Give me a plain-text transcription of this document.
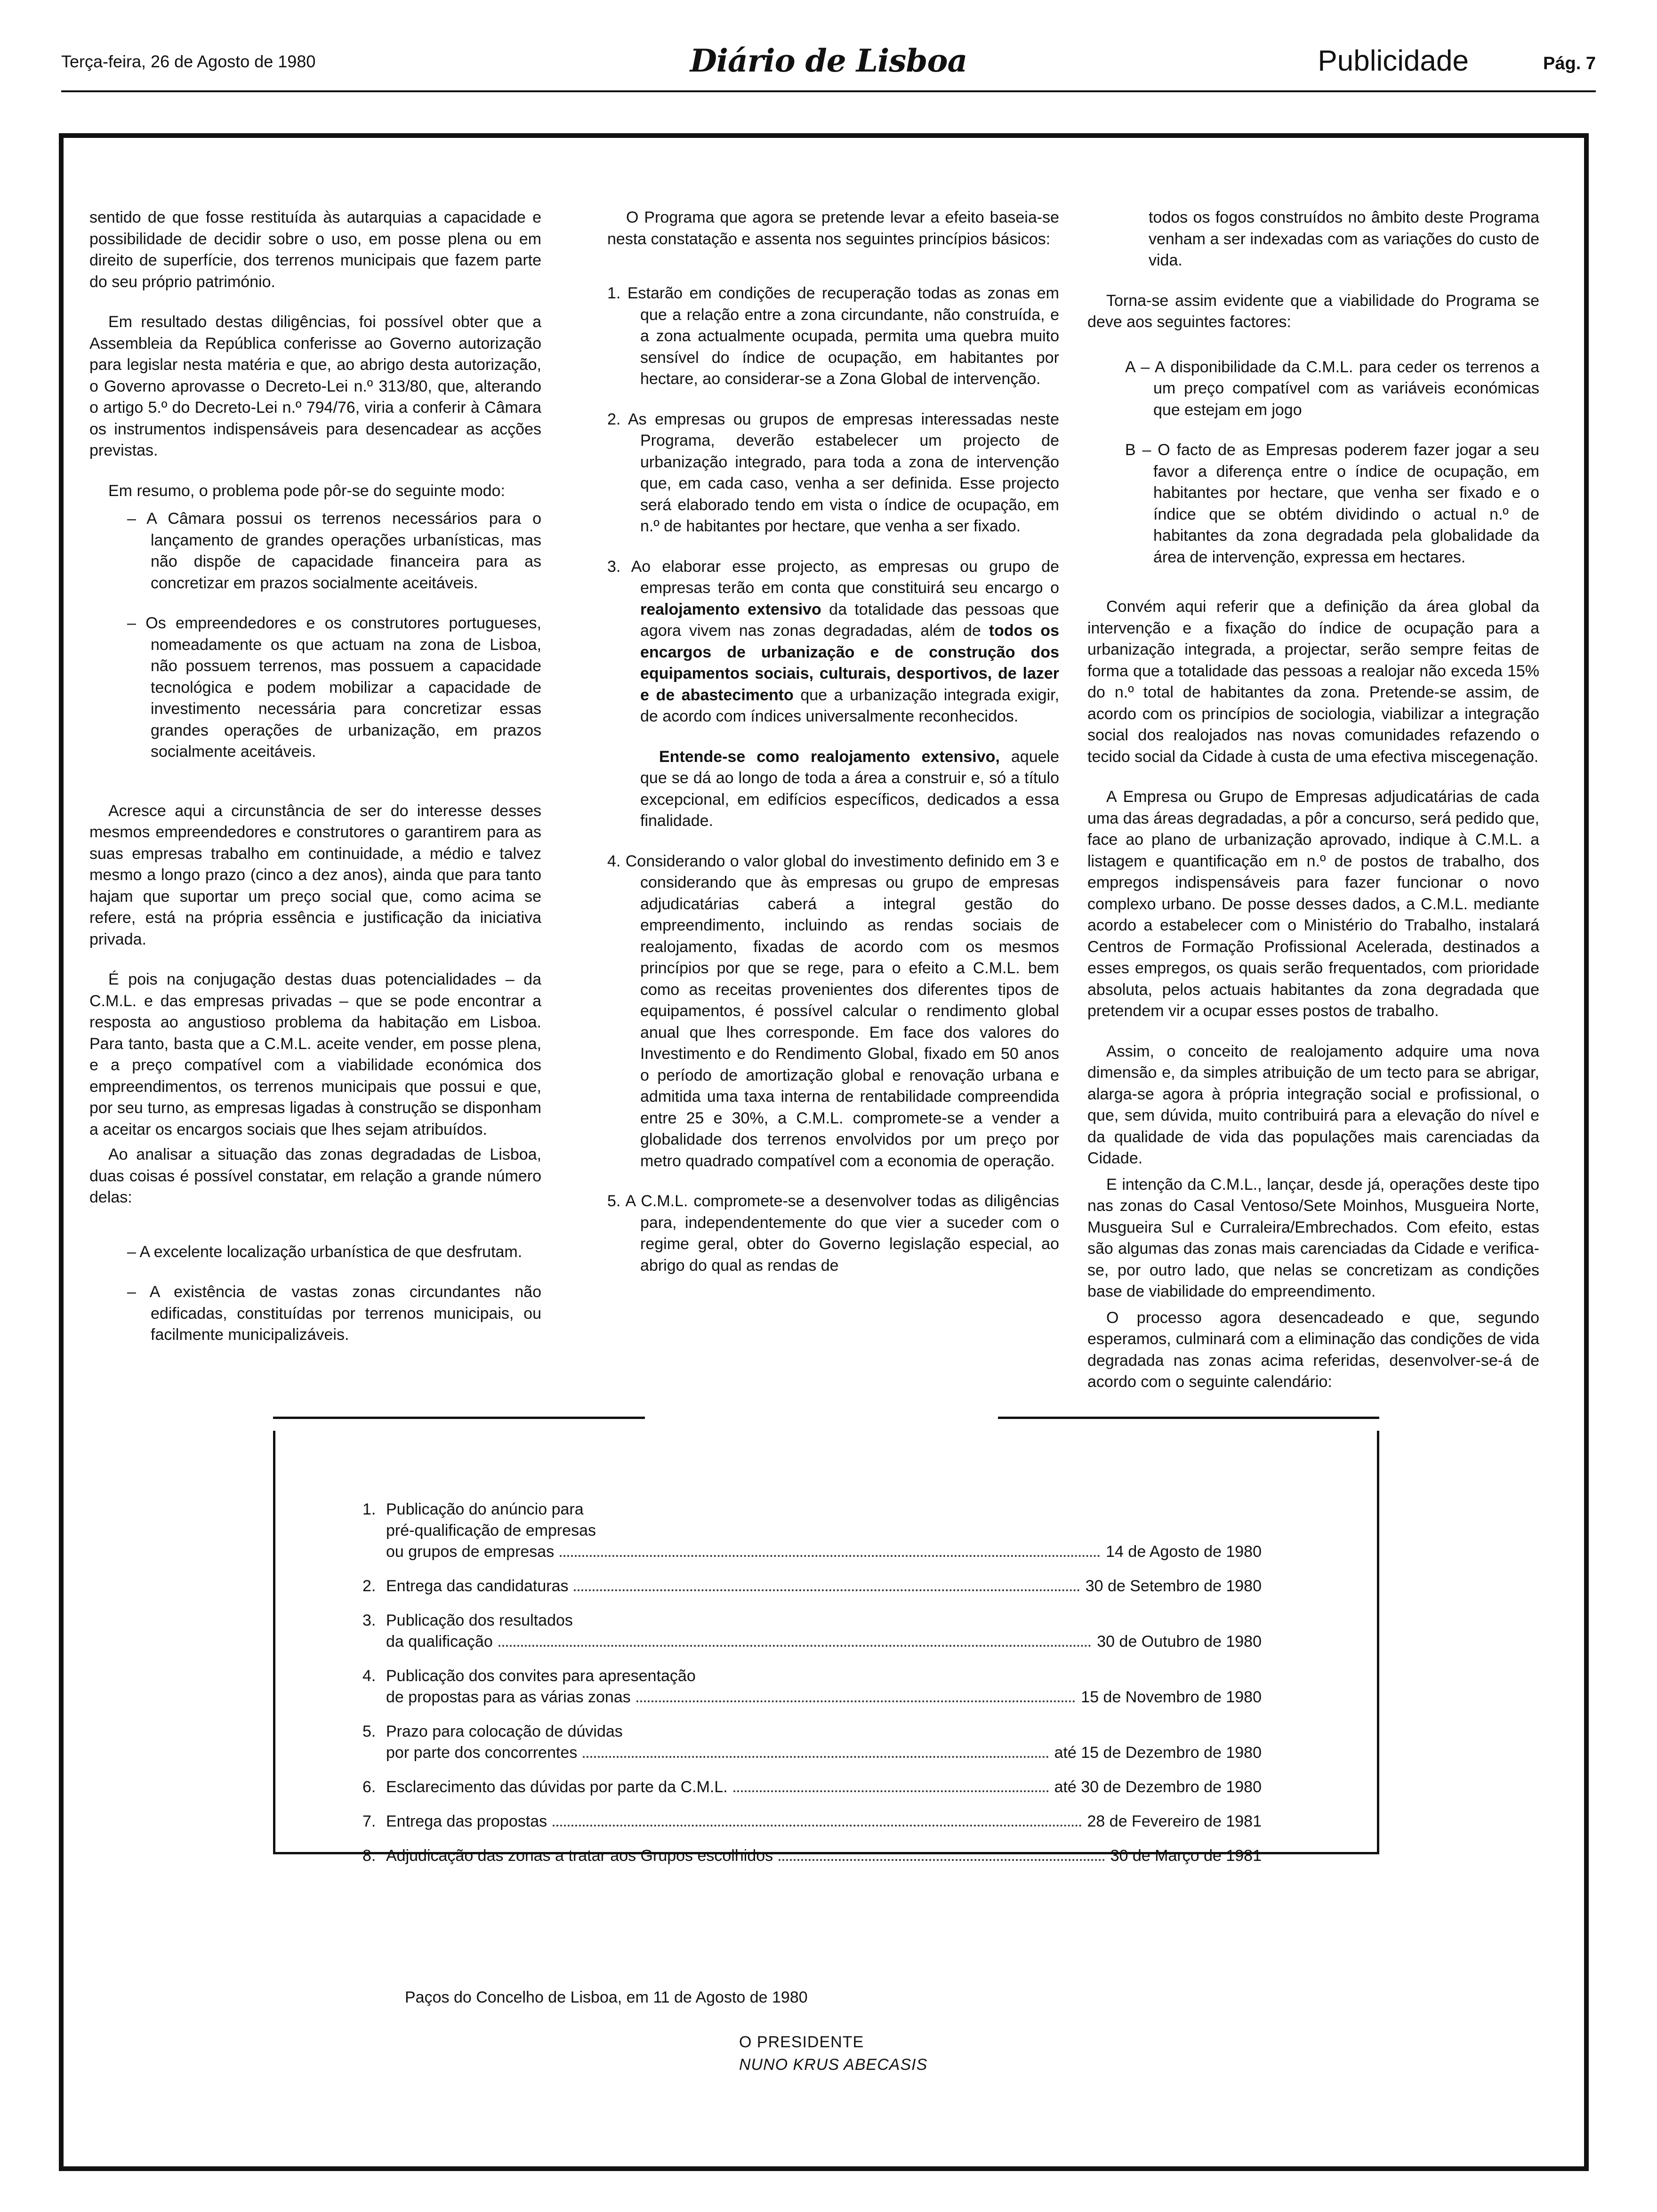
Terça-feira, 26 de Agosto de 1980	Diário de Lisboa	Publicidade	Pág. 7

sentido de que fosse restituída às autarquias a capacidade e possibilidade de decidir sobre o uso, em posse plena ou em direito de superfície, dos terrenos municipais que fazem parte do seu próprio património.

Em resultado destas diligências, foi possível obter que a Assembleia da República conferisse ao Governo autorização para legislar nesta matéria e que, ao abrigo desta autorização, o Governo aprovasse o Decreto-Lei n.º 313/80, que, alterando o artigo 5.º do Decreto-Lei n.º 794/76, viria a conferir à Câmara os instrumentos indispensáveis para desencadear as acções previstas.

Em resumo, o problema pode pôr-se do seguinte modo:

– A Câmara possui os terrenos necessários para o lançamento de grandes operações urbanísticas, mas não dispõe de capacidade financeira para as concretizar em prazos socialmente aceitáveis.

– Os empreendedores e os construtores portugueses, nomeadamente os que actuam na zona de Lisboa, não possuem terrenos, mas possuem a capacidade tecnológica e podem mobilizar a capacidade de investimento necessária para concretizar essas grandes operações de urbanização, em prazos socialmente aceitáveis.

Acresce aqui a circunstância de ser do interesse desses mesmos empreendedores e construtores o garantirem para as suas empresas trabalho em continuidade, a médio e talvez mesmo a longo prazo (cinco a dez anos), ainda que para tanto hajam que suportar um preço social que, como acima se refere, está na própria essência e justificação da iniciativa privada.

É pois na conjugação destas duas potencialidades – da C.M.L. e das empresas privadas – que se pode encontrar a resposta ao angustioso problema da habitação em Lisboa. Para tanto, basta que a C.M.L. aceite vender, em posse plena, e a preço compatível com a viabilidade económica dos empreendimentos, os terrenos municipais que possui e que, por seu turno, as empresas ligadas à construção se disponham a aceitar os encargos sociais que lhes sejam atribuídos.

Ao analisar a situação das zonas degradadas de Lisboa, duas coisas é possível constatar, em relação a grande número delas:

– A excelente localização urbanística de que desfrutam.

– A existência de vastas zonas circundantes não edificadas, constituídas por terrenos municipais, ou facilmente municipalizáveis.

O Programa que agora se pretende levar a efeito baseia-se nesta constatação e assenta nos seguintes princípios básicos:

1. Estarão em condições de recuperação todas as zonas em que a relação entre a zona circundante, não construída, e a zona actualmente ocupada, permita uma quebra muito sensível do índice de ocupação, em habitantes por hectare, ao considerar-se a Zona Global de intervenção.

2. As empresas ou grupos de empresas interessadas neste Programa, deverão estabelecer um projecto de urbanização integrado, para toda a zona de intervenção que, em cada caso, venha a ser definida. Esse projecto será elaborado tendo em vista o índice de ocupação, em n.º de habitantes por hectare, que venha a ser fixado.

3. Ao elaborar esse projecto, as empresas ou grupo de empresas terão em conta que constituirá seu encargo o realojamento extensivo da totalidade das pessoas que agora vivem nas zonas degradadas, além de todos os encargos de urbanização e de construção dos equipamentos sociais, culturais, desportivos, de lazer e de abastecimento que a urbanização integrada exigir, de acordo com índices universalmente reconhecidos.

Entende-se como realojamento extensivo, aquele que se dá ao longo de toda a área a construir e, só a título excepcional, em edifícios específicos, dedicados a essa finalidade.

4. Considerando o valor global do investimento definido em 3 e considerando que às empresas ou grupo de empresas adjudicatárias caberá a integral gestão do empreendimento, incluindo as rendas sociais de realojamento, fixadas de acordo com os mesmos princípios por que se rege, para o efeito a C.M.L. bem como as receitas provenientes dos diferentes tipos de equipamentos, é possível calcular o rendimento global anual que lhes corresponde. Em face dos valores do Investimento e do Rendimento Global, fixado em 50 anos o período de amortização global e renovação urbana e admitida uma taxa interna de rentabilidade compreendida entre 25 e 30%, a C.M.L. compromete-se a vender a globalidade dos terrenos envolvidos por um preço por metro quadrado compatível com a economia de operação.

5. A C.M.L. compromete-se a desenvolver todas as diligências para, independentemente do que vier a suceder com o regime geral, obter do Governo legislação especial, ao abrigo do qual as rendas de

todos os fogos construídos no âmbito deste Programa venham a ser indexadas com as variações do custo de vida.

Torna-se assim evidente que a viabilidade do Programa se deve aos seguintes factores:

A – A disponibilidade da C.M.L. para ceder os terrenos a um preço compatível com as variáveis económicas que estejam em jogo

B – O facto de as Empresas poderem fazer jogar a seu favor a diferença entre o índice de ocupação, em habitantes por hectare, que venha ser fixado e o índice que se obtém dividindo o actual n.º de habitantes da zona degradada pela globalidade da área de intervenção, expressa em hectares.

Convém aqui referir que a definição da área global da intervenção e a fixação do índice de ocupação para a urbanização integrada, a projectar, serão sempre feitas de forma que a totalidade das pessoas a realojar não exceda 15% do n.º total de habitantes da zona. Pretende-se assim, de acordo com os princípios de sociologia, viabilizar a integração social dos realojados nas novas comunidades refazendo o tecido social da Cidade à custa de uma efectiva miscegenação.

A Empresa ou Grupo de Empresas adjudicatárias de cada uma das áreas degradadas, a pôr a concurso, será pedido que, face ao plano de urbanização aprovado, indique à C.M.L. a listagem e quantificação em n.º de postos de trabalho, dos empregos indispensáveis para fazer funcionar o novo complexo urbano. De posse desses dados, a C.M.L. mediante acordo a estabelecer com o Ministério do Trabalho, instalará Centros de Formação Profissional Acelerada, destinados a esses empregos, os quais serão frequentados, com prioridade absoluta, pelos actuais habitantes da zona degradada que pretendem vir a ocupar esses postos de trabalho.

Assim, o conceito de realojamento adquire uma nova dimensão e, da simples atribuição de um tecto para se abrigar, alarga-se agora à própria integração social e profissional, o que, sem dúvida, muito contribuirá para a elevação do nível e da qualidade de vida das populações mais carenciadas da Cidade.

E intenção da C.M.L., lançar, desde já, operações deste tipo nas zonas do Casal Ventoso/Sete Moinhos, Musgueira Norte, Musgueira Sul e Curraleira/Embrechados. Com efeito, estas são algumas das zonas mais carenciadas da Cidade e verifica-se, por outro lado, que nelas se concretizam as condições base de viabilidade do empreendimento.

O processo agora desencadeado e que, segundo esperamos, culminará com a eliminação das condições de vida degradada nas zonas acima referidas, desenvolver-se-á de acordo com o seguinte calendário:

1. Publicação do anúncio para
pré-qualificação de empresas
ou grupos de empresas	14 de Agosto de 1980
2. Entrega das candidaturas	30 de Setembro de 1980
3. Publicação dos resultados
da qualificação	30 de Outubro de 1980
4. Publicação dos convites para apresentação
de propostas para as várias zonas	15 de Novembro de 1980
5. Prazo para colocação de dúvidas
por parte dos concorrentes	até 15 de Dezembro de 1980
6. Esclarecimento das dúvidas por parte da C.M.L.	até 30 de Dezembro de 1980
7. Entrega das propostas	28 de Fevereiro de 1981
8. Adjudicação das zonas a tratar aos Grupos escolhidos	30 de Março de 1981
Paços do Concelho de Lisboa, em 11 de Agosto de 1980
O PRESIDENTE
NUNO KRUS ABECASIS
